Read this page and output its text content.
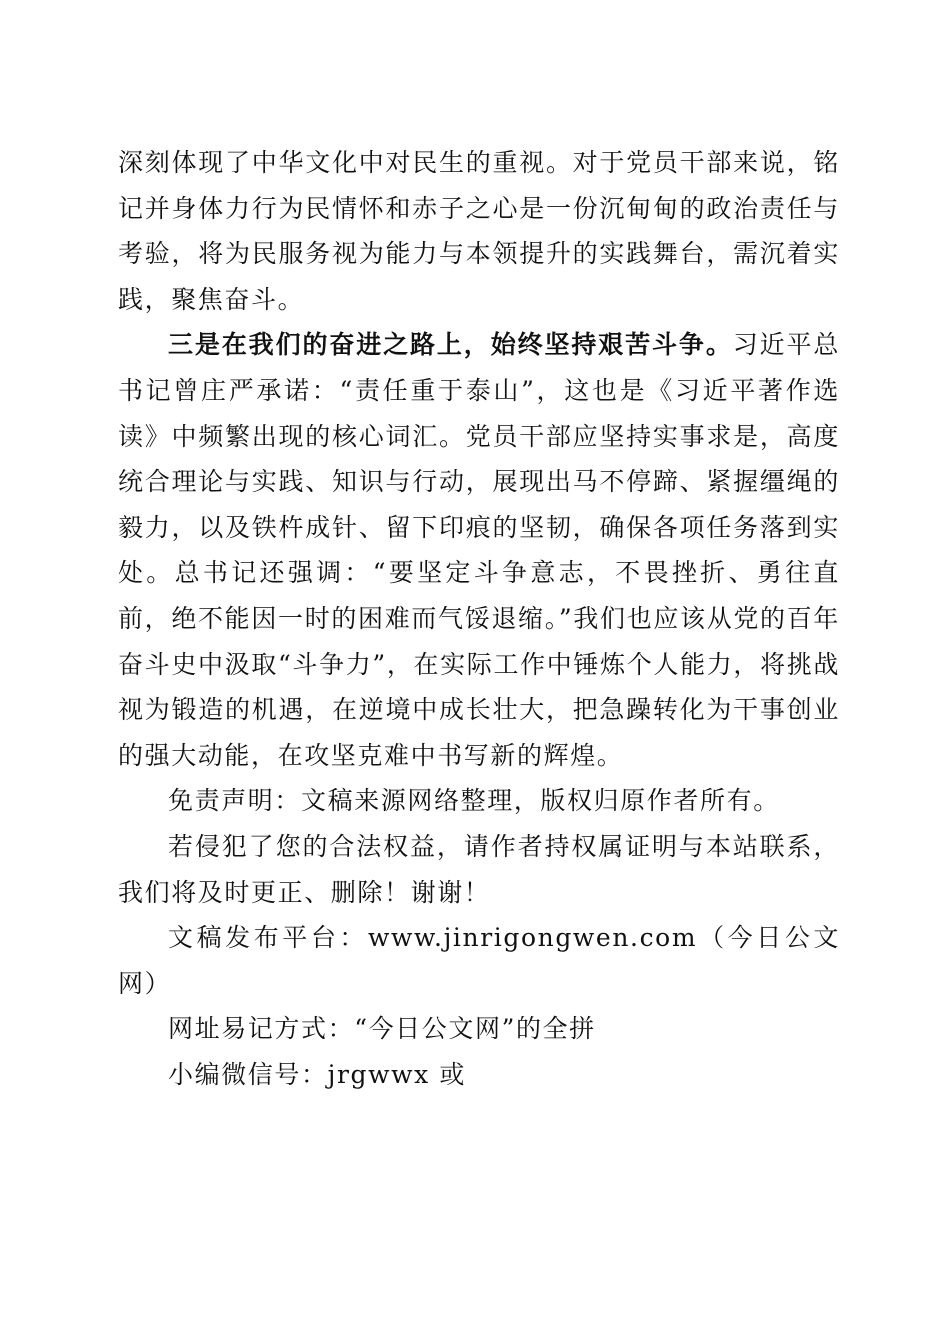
深刻体现了中华文化中对民生的重视。对于党员干部来说，铭记并身体力行为民情怀和赤子之心是一份沉甸甸的政治责任与考验，将为民服务视为能力与本领提升的实践舞台，需沉着实践，聚焦奋斗。

三是在我们的奋进之路上，始终坚持艰苦斗争。习近平总书记曾庄严承诺：“责任重于泰山”，这也是《习近平著作选读》中频繁出现的核心词汇。党员干部应坚持实事求是，高度统合理论与实践、知识与行动，展现出马不停蹄、紧握缰绳的毅力，以及铁杵成针、留下印痕的坚韧，确保各项任务落到实处。总书记还强调：“要坚定斗争意志，不畏挫折、勇往直前，绝不能因一时的困难而气馁退缩。”我们也应该从党的百年奋斗史中汲取“斗争力”，在实际工作中锤炼个人能力，将挑战视为锻造的机遇，在逆境中成长壮大，把急躁转化为干事创业的强大动能，在攻坚克难中书写新的辉煌。

免责声明：文稿来源网络整理，版权归原作者所有。

若侵犯了您的合法权益，请作者持权属证明与本站联系，我们将及时更正、删除！谢谢！

文稿发布平台：www.jinrigongwen.com（今日公文网）

网址易记方式：“今日公文网”的全拼

小编微信号：jrgwwx 或
